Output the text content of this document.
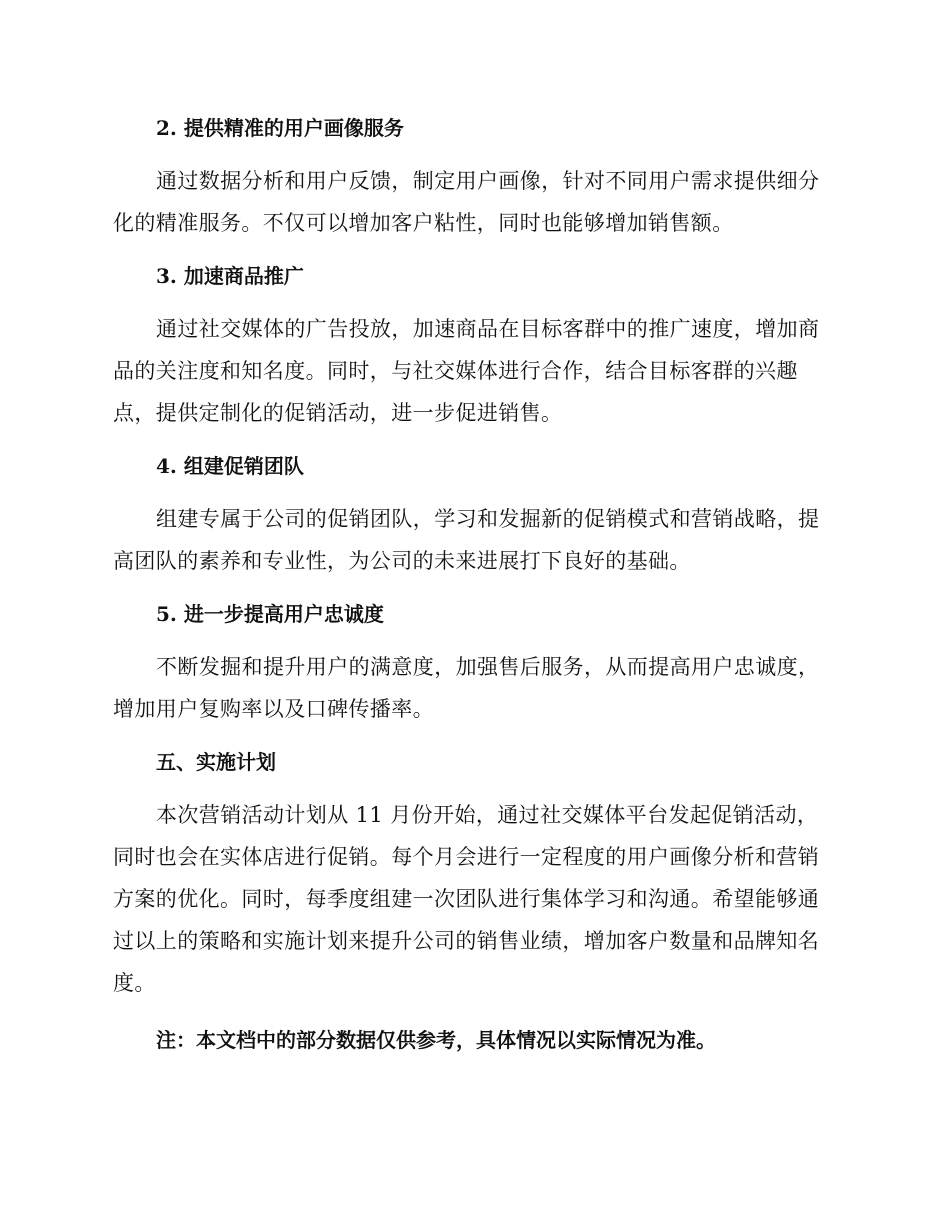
2. 提供精准的用户画像服务
通过数据分析和用户反馈，制定用户画像，针对不同用户需求提供细分化的精准服务。不仅可以增加客户粘性，同时也能够增加销售额。
3. 加速商品推广
通过社交媒体的广告投放，加速商品在目标客群中的推广速度，增加商品的关注度和知名度。同时，与社交媒体进行合作，结合目标客群的兴趣点，提供定制化的促销活动，进一步促进销售。
4. 组建促销团队
组建专属于公司的促销团队，学习和发掘新的促销模式和营销战略，提高团队的素养和专业性，为公司的未来进展打下良好的基础。
5. 进一步提高用户忠诚度
不断发掘和提升用户的满意度，加强售后服务，从而提高用户忠诚度，增加用户复购率以及口碑传播率。
五、实施计划
本次营销活动计划从 11 月份开始，通过社交媒体平台发起促销活动，同时也会在实体店进行促销。每个月会进行一定程度的用户画像分析和营销方案的优化。同时，每季度组建一次团队进行集体学习和沟通。希望能够通过以上的策略和实施计划来提升公司的销售业绩，增加客户数量和品牌知名度。
注：本文档中的部分数据仅供参考，具体情况以实际情况为准。
